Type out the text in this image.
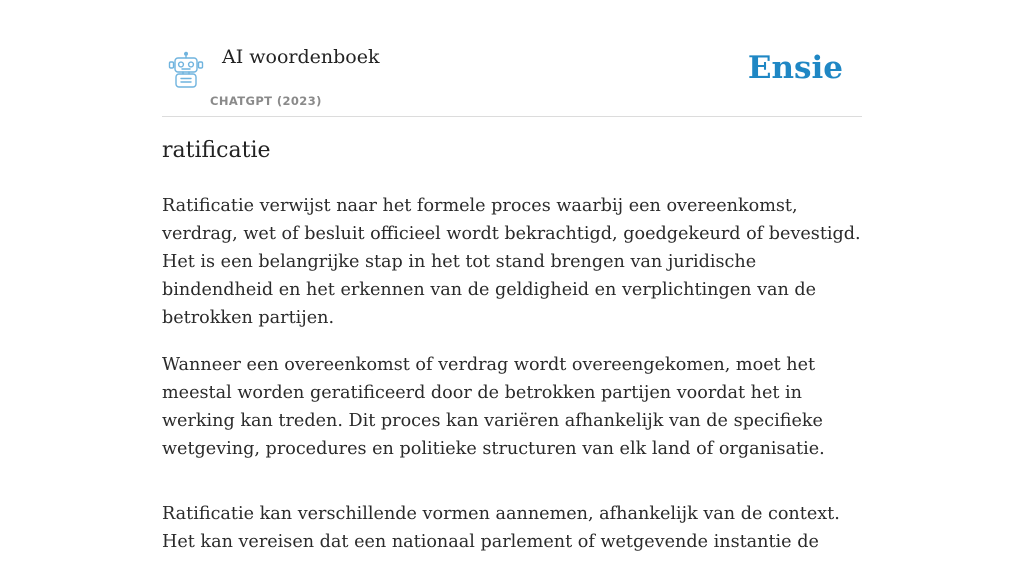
AI woordenboek
CHATGPT (2023)
Ensie
ratificatie

Ratificatie verwijst naar het formele proces waarbij een overeenkomst, verdrag, wet of besluit officieel wordt bekrachtigd, goedgekeurd of bevestigd. Het is een belangrijke stap in het tot stand brengen van juridische bindendheid en het erkennen van de geldigheid en verplichtingen van de betrokken partijen.

Wanneer een overeenkomst of verdrag wordt overeengekomen, moet het meestal worden geratificeerd door de betrokken partijen voordat het in werking kan treden. Dit proces kan variëren afhankelijk van de specifieke wetgeving, procedures en politieke structuren van elk land of organisatie.

Ratificatie kan verschillende vormen aannemen, afhankelijk van de context. Het kan vereisen dat een nationaal parlement of wetgevende instantie de
